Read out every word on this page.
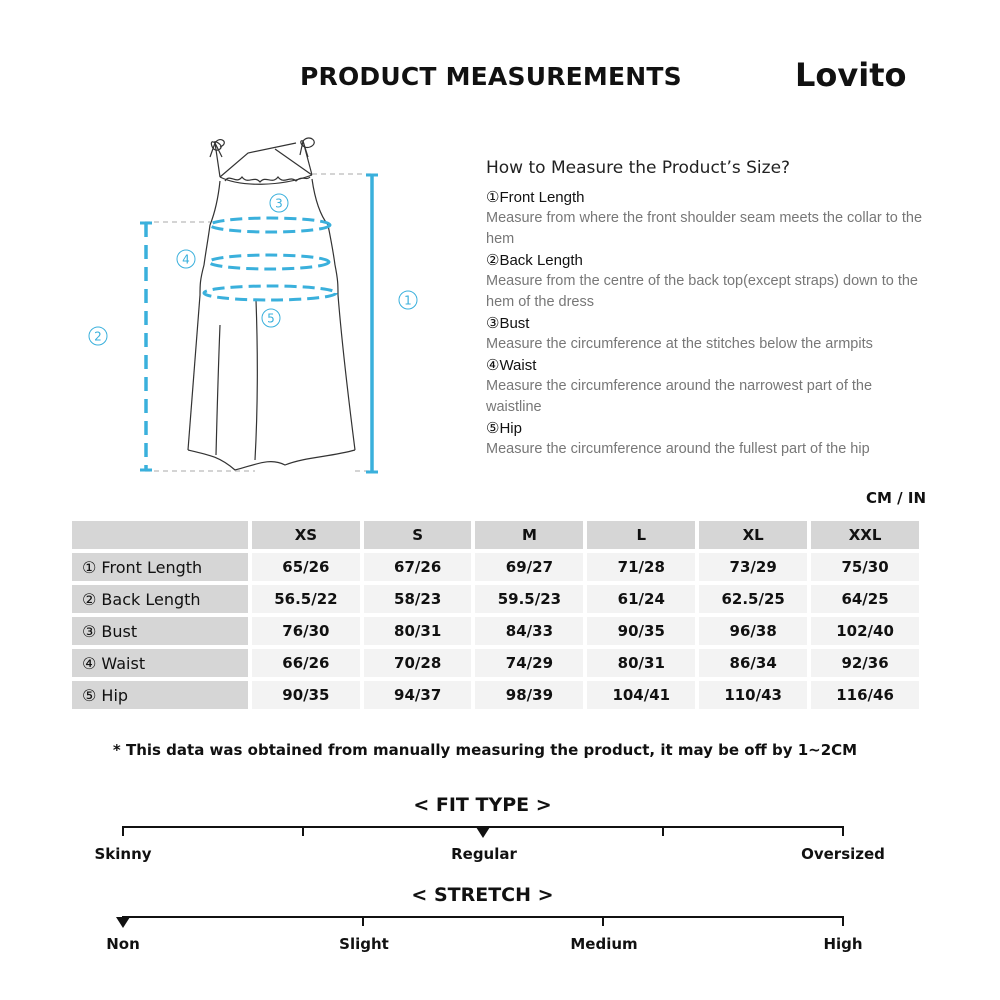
PRODUCT MEASUREMENTS	Lovito
1
2
3
4
5
How to Measure the Product’s Size?
①Front Length
Measure from where the front shoulder seam meets the collar to the hem
②Back Length
Measure from the centre of the back top(except straps) down to the hem of the dress
③Bust
Measure the circumference at the stitches below the armpits
④Waist
Measure the circumference around the narrowest part of the waistline
⑤Hip
Measure the circumference around the fullest part of the hip
CM / IN
	XS	S	M	L	XL	XXL
① Front Length	65/26	67/26	69/27	71/28	73/29	75/30
② Back Length	56.5/22	58/23	59.5/23	61/24	62.5/25	64/25
③ Bust	76/30	80/31	84/33	90/35	96/38	102/40
④ Waist	66/26	70/28	74/29	80/31	86/34	92/36
⑤ Hip	90/35	94/37	98/39	104/41	110/43	116/46
* This data was obtained from manually measuring the product, it may be off by 1~2CM
< FIT TYPE >
Skinny	Regular	Oversized
< STRETCH >
Non	Slight	Medium	High
